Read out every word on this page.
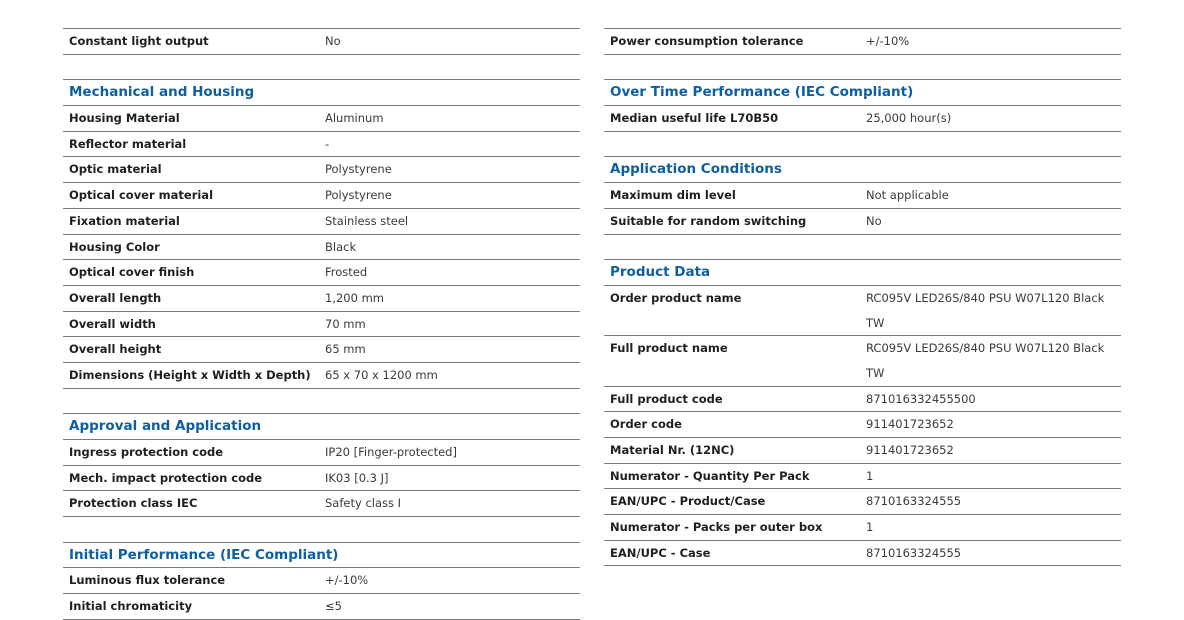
Constant light output	No
Mechanical and Housing
Housing Material	Aluminum
Reflector material	-
Optic material	Polystyrene
Optical cover material	Polystyrene
Fixation material	Stainless steel
Housing Color	Black
Optical cover finish	Frosted
Overall length	1,200 mm
Overall width	70 mm
Overall height	65 mm
Dimensions (Height x Width x Depth) 65 x 70 x 1200 mm
Approval and Application
Ingress protection code	IP20 [Finger-protected]
Mech. impact protection code	IK03 [0.3 J]
Protection class IEC	Safety class I
Initial Performance (IEC Compliant)
Luminous flux tolerance	+/-10%
Initial chromaticity	≤5
Power consumption tolerance	+/-10%
Over Time Performance (IEC Compliant)
Median useful life L70B50	25,000 hour(s)
Application Conditions
Maximum dim level	Not applicable
Suitable for random switching	No
Product Data
Order product name	RC095V LED26S/840 PSU W07L120 Black TW
Full product name	RC095V LED26S/840 PSU W07L120 Black TW
Full product code	871016332455500
Order code	911401723652
Material Nr. (12NC)	911401723652
Numerator - Quantity Per Pack	1
EAN/UPC - Product/Case	8710163324555
Numerator - Packs per outer box	1
EAN/UPC - Case	8710163324555
